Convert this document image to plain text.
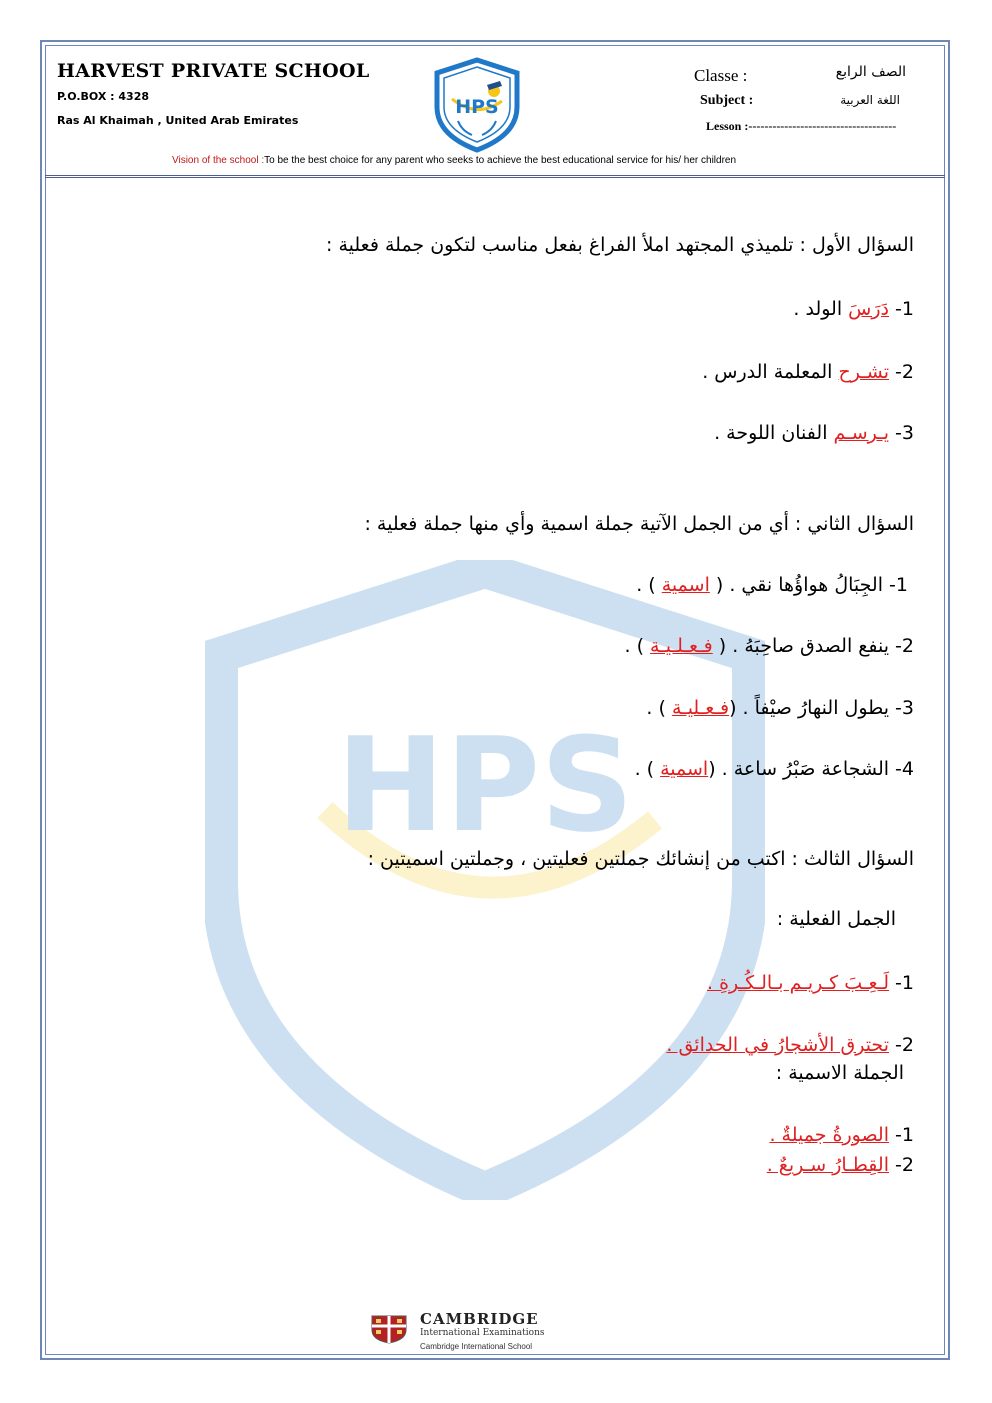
HARVEST PRIVATE SCHOOL
P.O.BOX : 4328
Ras Al Khaimah , United Arab Emirates
HPS
Classe :	الصف الرابع
Subject :	اللغة العربية
Lesson :-------------------------------------
Vision of the school :To be the best choice for any parent who seeks to achieve the best educational service for his/ her children
HPS
السؤال الأول : تلميذي المجتهد املأ الفراغ بفعل مناسب لتكون جملة فعلية :
1- دَرَسَ الولد .
2- تشـرح المعلمة الدرس .
3- يـرسـم الفنان اللوحة .
السؤال الثاني : أي من الجمل الآتية جملة اسمية وأي منها جملة فعلية :
1- الجِبَالُ هواؤُها نقي . ( اسمية ) .
2- ينفع الصدق صاحِبَهُ . ( فـعـلـيـة ) .
3- يطول النهارُ صيْفاً . (فـعـليـة ) .
4- الشجاعة صَبْرُ ساعة . (اسمية ) .
السؤال الثالث : اكتب من إنشائك جملتين فعليتين ، وجملتين اسميتين :
الجمل الفعلية :
1- لَـعِـبَ كـريـم بـالـكُـرةِ .
2- تحترق الأشجارُ في الحدائق .
الجملة الاسمية :
1- الصورةُ جميلةٌ .
2- القِطـارُ سـريعٌ .
CAMBRIDGE
International Examinations
Cambridge International School
